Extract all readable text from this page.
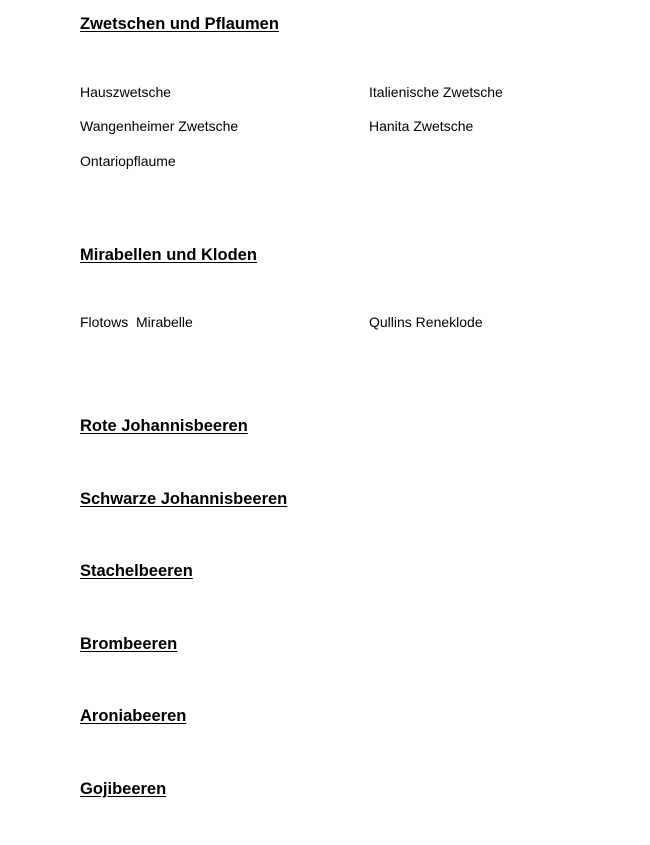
Zwetschen und Pflaumen
Hauszwetsche	Italienische Zwetsche
Wangenheimer Zwetsche	Hanita Zwetsche
Ontariopflaume
Mirabellen und Kloden
Flotows  Mirabelle	Qullins Reneklode
Rote Johannisbeeren
Schwarze Johannisbeeren
Stachelbeeren
Brombeeren
Aroniabeeren
Gojibeeren
